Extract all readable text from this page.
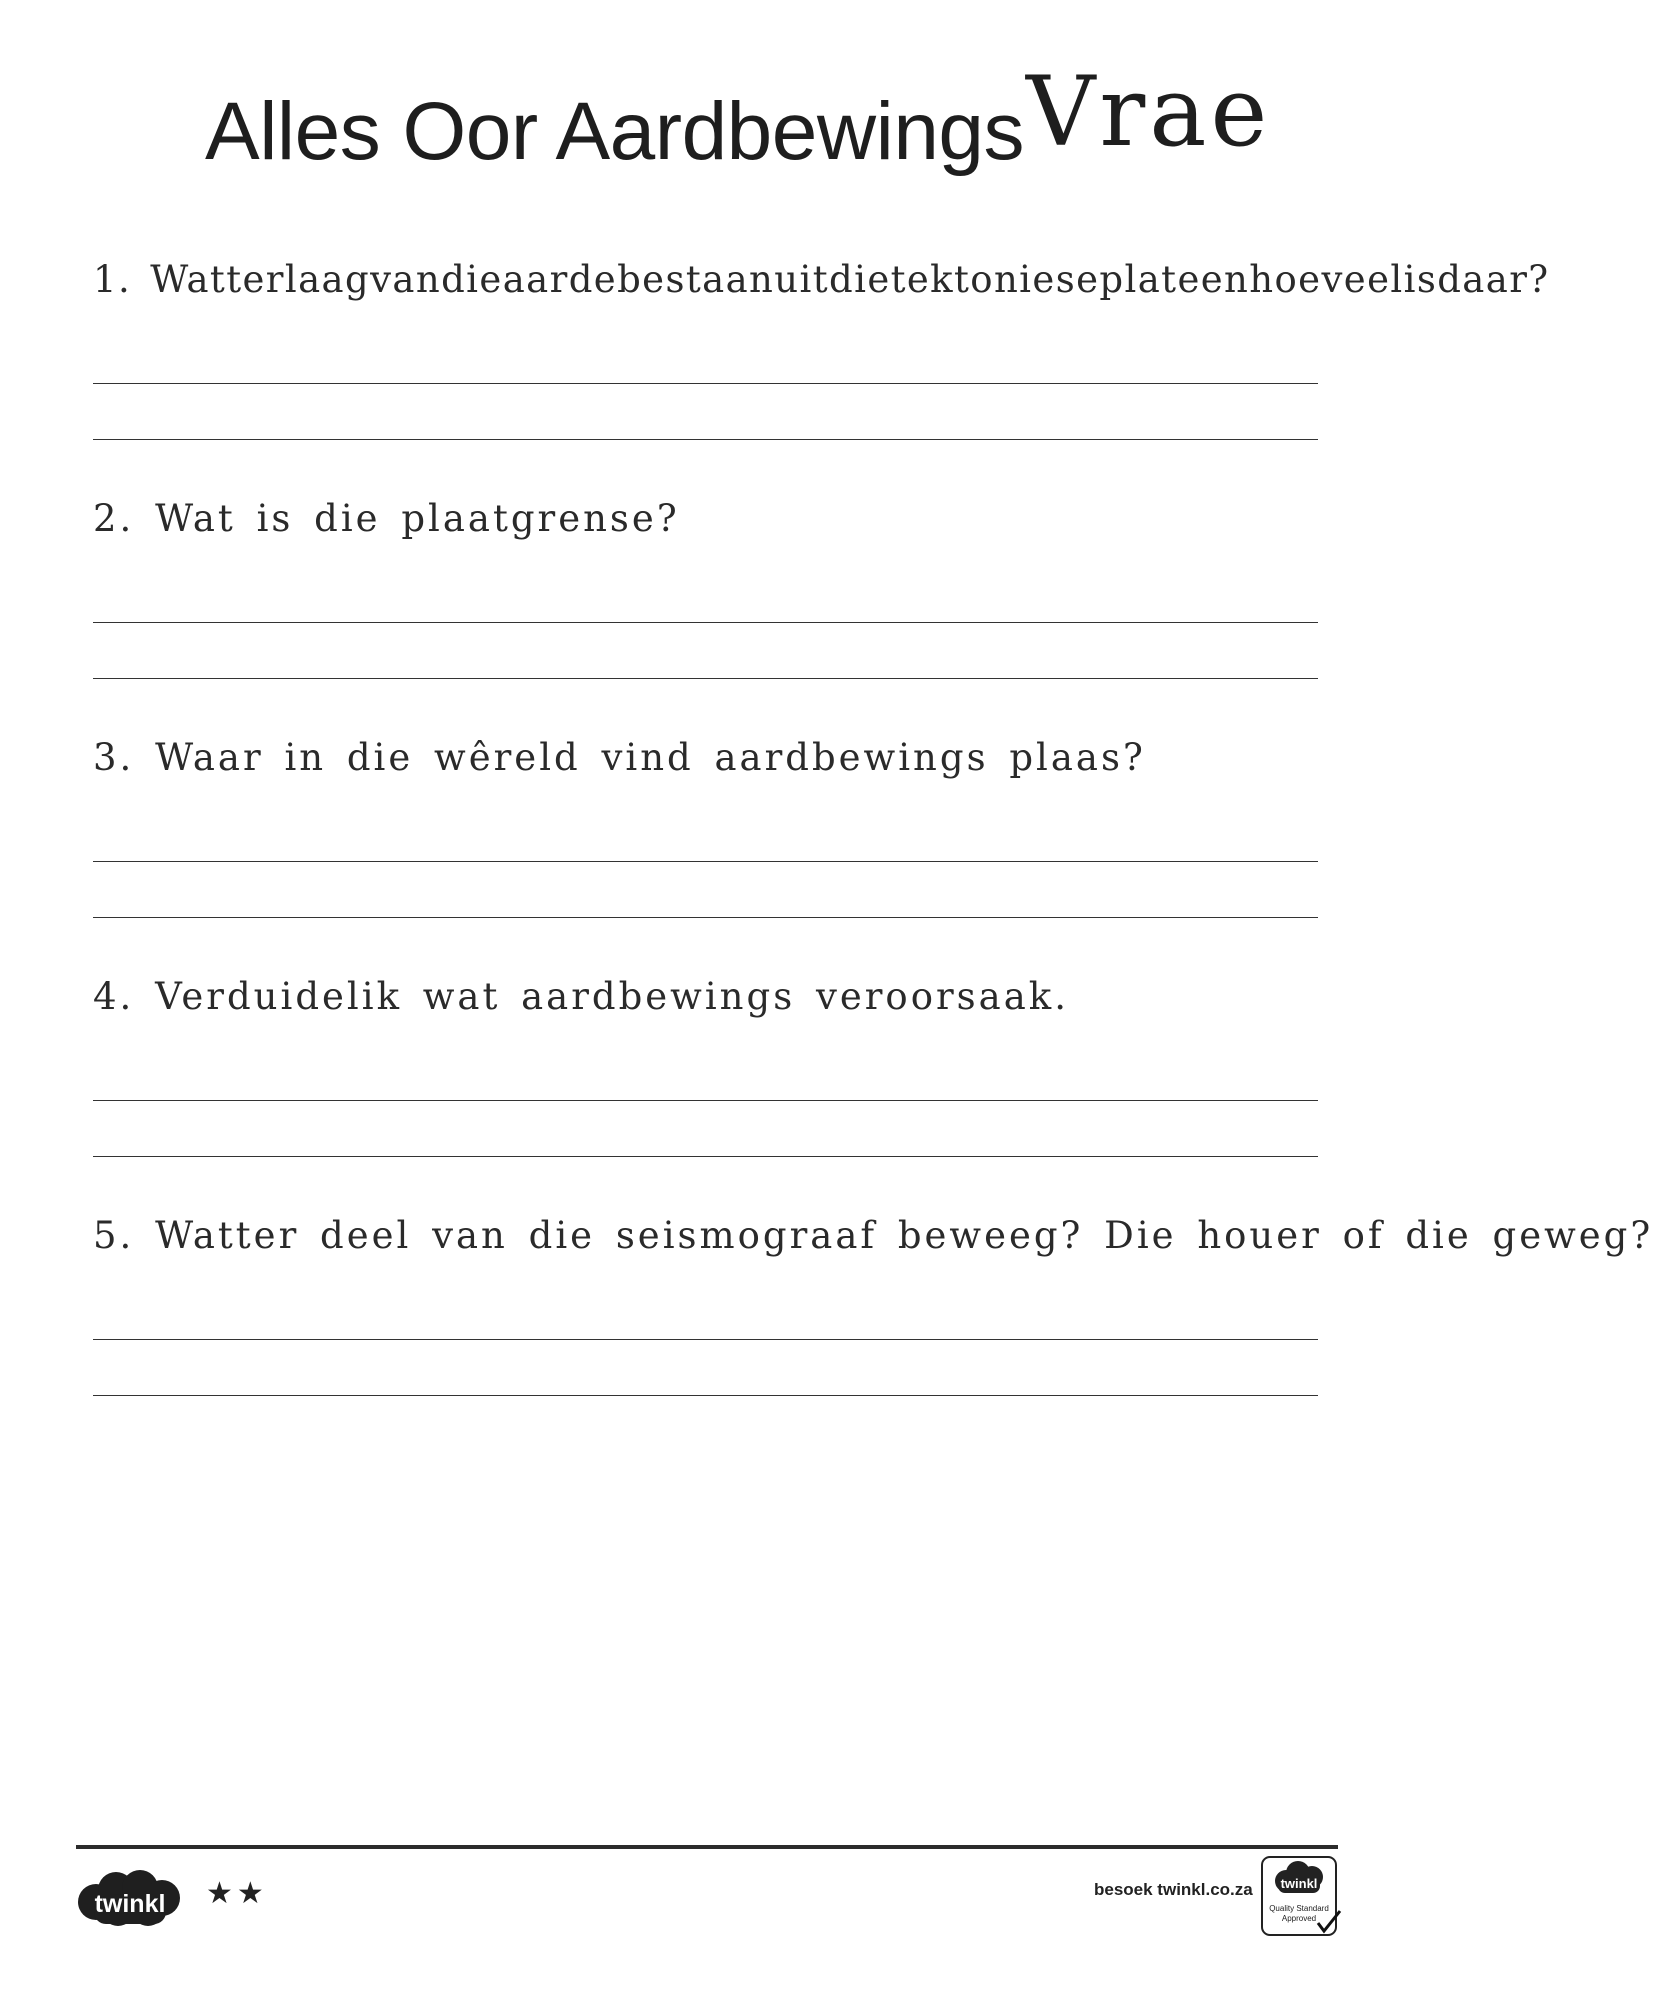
Alles Oor AardbewingsVrae
1. Watterlaagvandieaardebestaanuitdietektonieseplateenhoeveelisdaar?
2. Wat is die plaatgrense?
3. Waar in die wêreld vind aardbewings plaas?
4. Verduidelik wat aardbewings veroorsaak.
5. Watter deel van die seismograaf beweeg? Die houer of die geweg?
twinkl ★★	besoek twinkl.co.za twinkl
Quality Standard
Approved
